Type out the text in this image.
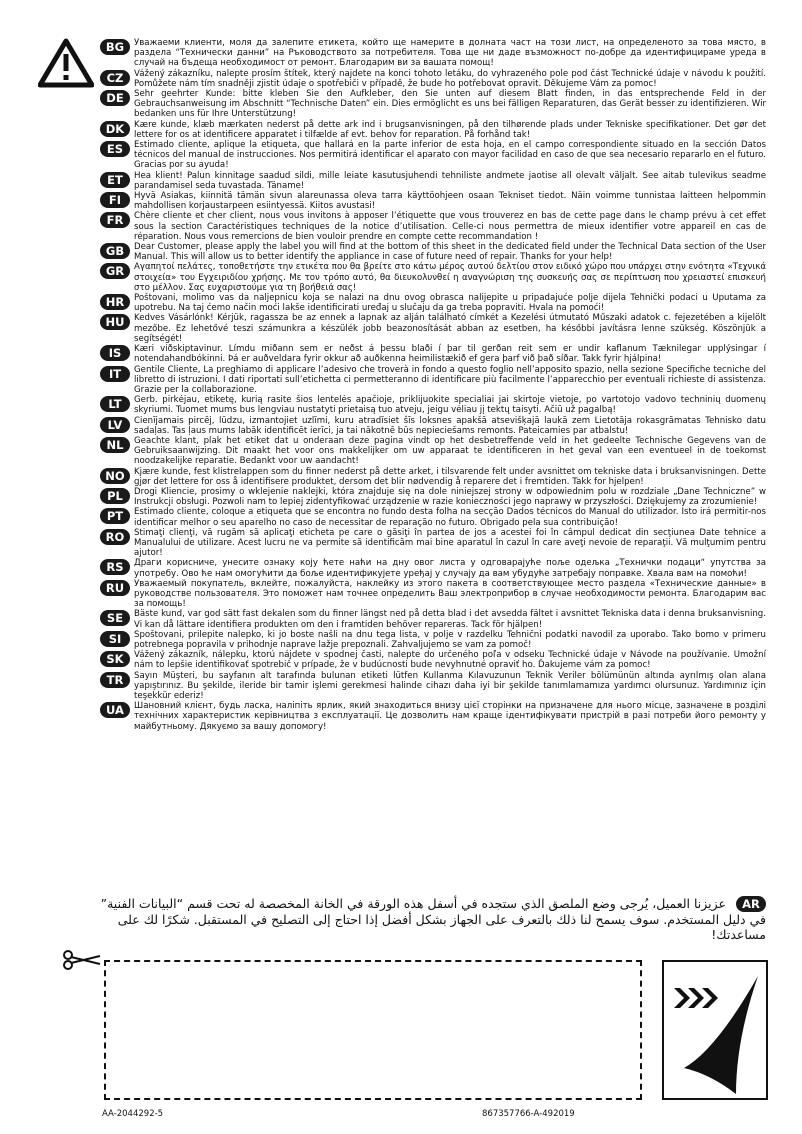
BG	Уважаеми клиенти, моля да залепите етикета, който ще намерите в долната част на този лист, на определеното за това място, в раздела “Технически данни” на Ръководството за потребителя. Това ще ни даде възможност по-добре да идентифицираме уреда в случай на бъдеща необходимост от ремонт. Благодарим ви за вашата помощ!
CZ	Vážený zákazníku, nalepte prosím štítek, který najdete na konci tohoto letáku, do vyhrazeného pole pod část Technické údaje v návodu k použití. Pomůžete nám tím snadněji zjistit údaje o spotřebiči v případě, že bude ho potřebovat opravit. Děkujeme Vám za pomoc!
DE	Sehr geehrter Kunde: bitte kleben Sie den Aufkleber, den Sie unten auf diesem Blatt finden, in das entsprechende Feld in der Gebrauchsanweisung im Abschnitt “Technische Daten” ein. Dies ermöglicht es uns bei fälligen Reparaturen, das Gerät besser zu identifizieren. Wir bedanken uns für Ihre Unterstützung!
DK	Kære kunde, klæb mærkaten nederst på dette ark ind i brugsanvisningen, på den tilhørende plads under Tekniske specifikationer. Det gør det lettere for os at identificere apparatet i tilfælde af evt. behov for reparation. På forhånd tak!
ES	Estimado cliente, aplique la etiqueta, que hallará en la parte inferior de esta hoja, en el campo correspondiente situado en la sección Datos técnicos del manual de instrucciones. Nos permitirá identificar el aparato con mayor facilidad en caso de que sea necesario repararlo en el futuro. Gracias por su ayuda!
ET	Hea klient! Palun kinnitage saadud sildi, mille leiate kasutusjuhendi tehniliste andmete jaotise all olevalt väljalt. See aitab tulevikus seadme parandamisel seda tuvastada. Täname!
FI	Hyvä Asiakas, kiinnitä tämän sivun alareunassa oleva tarra käyttöohjeen osaan Tekniset tiedot. Näin voimme tunnistaa laitteen helpommin mahdollisen korjaustarpeen esiintyessä. Kiitos avustasi!
FR	Chère cliente et cher client, nous vous invitons à apposer l’étiquette que vous trouverez en bas de cette page dans le champ prévu à cet effet sous la section Caractéristiques techniques de la notice d’utilisation. Celle-ci nous permettra de mieux identifier votre appareil en cas de réparation. Nous vous remercions de bien vouloir prendre en compte cette recommandation !
GB	Dear Customer, please apply the label you will find at the bottom of this sheet in the dedicated field under the Technical Data section of the User Manual. This will allow us to better identify the appliance in case of future need of repair. Thanks for your help!
GR	Αγαπητοί πελάτες, τοποθετήστε την ετικέτα που θα βρείτε στο κάτω μέρος αυτού δελτίου στον ειδικό χώρο που υπάρχει στην ενότητα «Τεχνικά στοιχεία» του Εγχειριδίου χρήσης. Με τον τρόπο αυτό, θα διευκολυνθεί η αναγνώριση της συσκευής σας σε περίπτωση που χρειαστεί επισκευή στο μέλλον. Σας ευχαριστούμε για τη βοήθειά σας!
HR	Poštovani, molimo vas da naljepnicu koja se nalazi na dnu ovog obrasca nalijepite u pripadajuće polje dijela Tehnički podaci u Uputama za upotrebu. Na taj ćemo način moći lakše identificirati uređaj u slučaju da ga treba popraviti. Hvala na pomoći!
HU	Kedves Vásárlónk! Kérjük, ragassza be az ennek a lapnak az alján található címkét a Kezelési útmutató Műszaki adatok c. fejezetében a kijelölt mezőbe. Ez lehetővé teszi számunkra a készülék jobb beazonosítását abban az esetben, ha későbbi javításra lenne szükség. Köszönjük a segítségét!
IS	Kæri viðskiptavinur. Límdu miðann sem er neðst á þessu blaði í þar til gerðan reit sem er undir kaflanum Tæknilegar upplýsingar í notendahandbókinni. Þá er auðveldara fyrir okkur að auðkenna heimilistækið ef gera þarf við það síðar. Takk fyrir hjálpina!
IT	Gentile Cliente, La preghiamo di applicare l’adesivo che troverà in fondo a questo foglio nell’apposito spazio, nella sezione Specifiche tecniche del libretto di istruzioni. I dati riportati sull’etichetta ci permetteranno di identificare più facilmente l’apparecchio per eventuali richieste di assistenza. Grazie per la collaborazione.
LT	Gerb. pirkėjau, etiketę, kurią rasite šios lentelės apačioje, priklijuokite specialiai jai skirtoje vietoje, po vartotojo vadovo techninių duomenų skyriumi. Tuomet mums bus lengviau nustatyti prietaisą tuo atveju, jeigu vėliau jį tektų taisyti. Ačiū už pagalbą!
LV	Cienījamais pircēj, lūdzu, izmantojiet uzlīmi, kuru atradīsiet šīs loksnes apakšā atsevišķajā laukā zem Lietotāja rokasgrāmatas Tehnisko datu sadaļas. Tas ļaus mums labāk identificēt ierīci, ja tai nākotnē būs nepieciešams remonts. Pateicamies par atbalstu!
NL	Geachte klant, plak het etiket dat u onderaan deze pagina vindt op het desbetreffende veld in het gedeelte Technische Gegevens van de Gebruiksaanwijzing. Dit maakt het voor ons makkelijker om uw apparaat te identificeren in het geval van een eventueel in de toekomst noodzakelijke reparatie. Bedankt voor uw aandacht!
NO	Kjære kunde, fest klistrelappen som du finner nederst på dette arket, i tilsvarende felt under avsnittet om tekniske data i bruksanvisningen. Dette gjør det lettere for oss å identifisere produktet, dersom det blir nødvendig å reparere det i fremtiden. Takk for hjelpen!
PL	Drogi Kliencie, prosimy o wklejenie naklejki, która znajduje się na dole niniejszej strony w odpowiednim polu w rozdziale „Dane Techniczne” w Instrukcji obsługi. Pozwoli nam to lepiej zidentyfikować urządzenie w razie konieczności jego naprawy w przyszłości. Dziękujemy za zrozumienie!
PT	Estimado cliente, coloque a etiqueta que se encontra no fundo desta folha na secção Dados técnicos do Manual do utilizador. Isto irá permitir-nos identificar melhor o seu aparelho no caso de necessitar de reparação no futuro. Obrigado pela sua contribuição!
RO	Stimaţi clienţi, vă rugăm să aplicaţi eticheta pe care o găsiţi în partea de jos a acestei foi în câmpul dedicat din secţiunea Date tehnice a Manualului de utilizare. Acest lucru ne va permite să identificăm mai bine aparatul în cazul în care aveţi nevoie de reparaţii. Vă mulţumim pentru ajutor!
RS	Драги корисниче, унесите ознаку коју ћете наћи на дну овог листа у одговарајуће поље одељка „Технички подаци“ упутства за употребу. Ово ће нам омогућити да боље идентификујете уређај у случају да вам убудуће затребају поправке. Хвала вам на помоћи!
RU	Уважаемый покупатель, вклейте, пожалуйста, наклейку из этого пакета в соответствующее место раздела «Технические данные» в руководстве пользователя. Это поможет нам точнее определить Ваш электроприбор в случае необходимости ремонта. Благодарим вас за помощь!
SE	Bäste kund, var god sätt fast dekalen som du finner längst ned på detta blad i det avsedda fältet i avsnittet Tekniska data i denna bruksanvisning. Vi kan då lättare identifiera produkten om den i framtiden behöver repareras. Tack för hjälpen!
SI	Spoštovani, prilepite nalepko, ki jo boste našli na dnu tega lista, v polje v razdelku Tehnični podatki navodil za uporabo. Tako bomo v primeru potrebnega popravila v prihodnje naprave lažje prepoznali. Zahvaljujemo se vam za pomoč!
SK	Vážený zákazník, nálepku, ktorú nájdete v spodnej časti, nalepte do určeného poľa v odseku Technické údaje v Návode na používanie. Umožní nám to lepšie identifikovať spotrebič v prípade, že v budúcnosti bude nevyhnutné opraviť ho. Ďakujeme vám za pomoc!
TR	Sayın Müşteri, bu sayfanın alt tarafında bulunan etiketi lütfen Kullanma Kılavuzunun Teknik Veriler bölümünün altında ayrılmış olan alana yapıştırınız. Bu şekilde, ileride bir tamir işlemi gerekmesi halinde cihazı daha iyi bir şekilde tanımlamamıza yardımcı olursunuz. Yardımınız için teşekkür ederiz!
UA	Шановний клієнт, будь ласка, наліпіть ярлик, який знаходиться внизу цієї сторінки на призначене для нього місце, зазначене в розділі технічних характеристик керівництва з експлуатації. Це дозволить нам краще ідентифікувати пристрій в разі потреби його ремонту у майбутньому. Дякуємо за вашу допомогу!
AR عزيزنا العميل، يُرجى وضع الملصق الذي ستجده في أسفل هذه الورقة في الخانة المخصصة له تحت قسم “البيانات الفنية” في دليل المستخدم. سوف يسمح لنا ذلك بالتعرف على الجهاز بشكل أفضل إذا احتاج إلى التصليح في المستقبل. شكرًا لك على مساعدتك!
AA-2044292-5	867357766-A-492019
